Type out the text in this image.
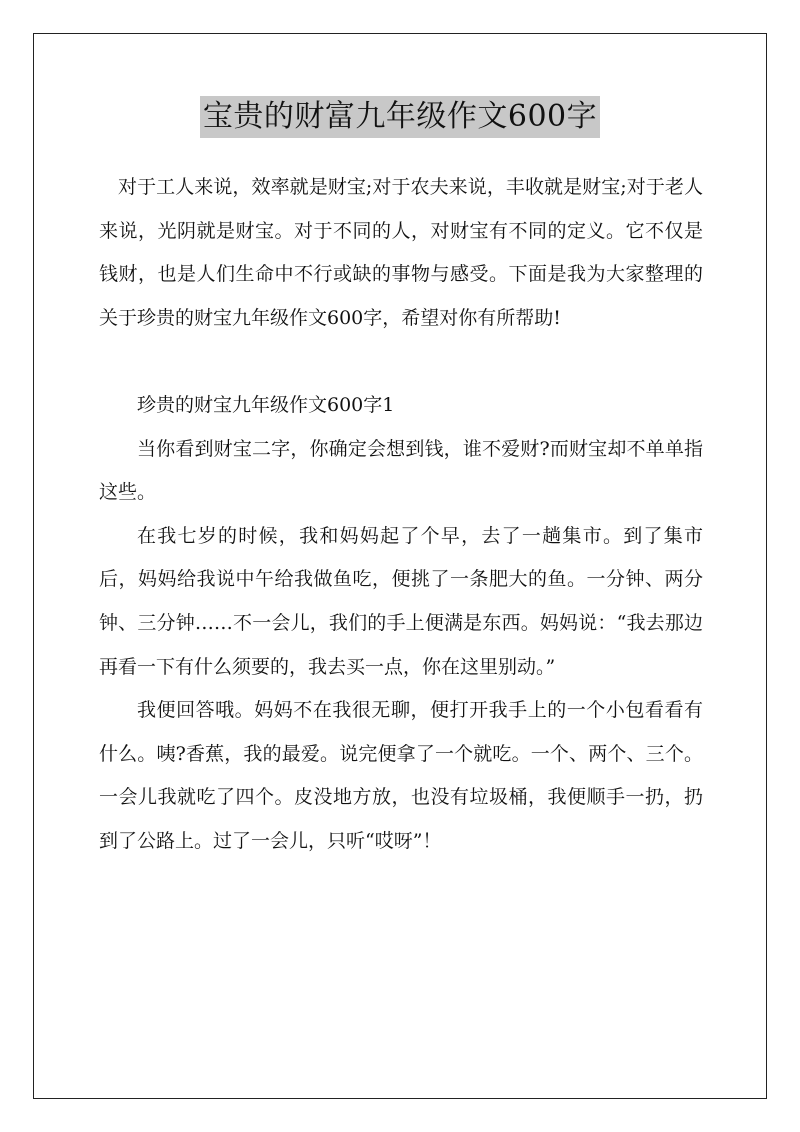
宝贵的财富九年级作文600字

对于工人来说，效率就是财宝;对于农夫来说，丰收就是财宝;对于老人来说，光阴就是财宝。对于不同的人，对财宝有不同的定义。它不仅是钱财，也是人们生命中不行或缺的事物与感受。下面是我为大家整理的关于珍贵的财宝九年级作文600字，希望对你有所帮助!

珍贵的财宝九年级作文600字1

当你看到财宝二字，你确定会想到钱，谁不爱财?而财宝却不单单指这些。

在我七岁的时候，我和妈妈起了个早，去了一趟集市。到了集市后，妈妈给我说中午给我做鱼吃，便挑了一条肥大的鱼。一分钟、两分钟、三分钟……不一会儿，我们的手上便满是东西。妈妈说：“我去那边再看一下有什么须要的，我去买一点，你在这里别动。”

我便回答哦。妈妈不在我很无聊，便打开我手上的一个小包看看有什么。咦?香蕉，我的最爱。说完便拿了一个就吃。一个、两个、三个。一会儿我就吃了四个。皮没地方放，也没有垃圾桶，我便顺手一扔，扔到了公路上。过了一会儿，只听“哎呀”！
